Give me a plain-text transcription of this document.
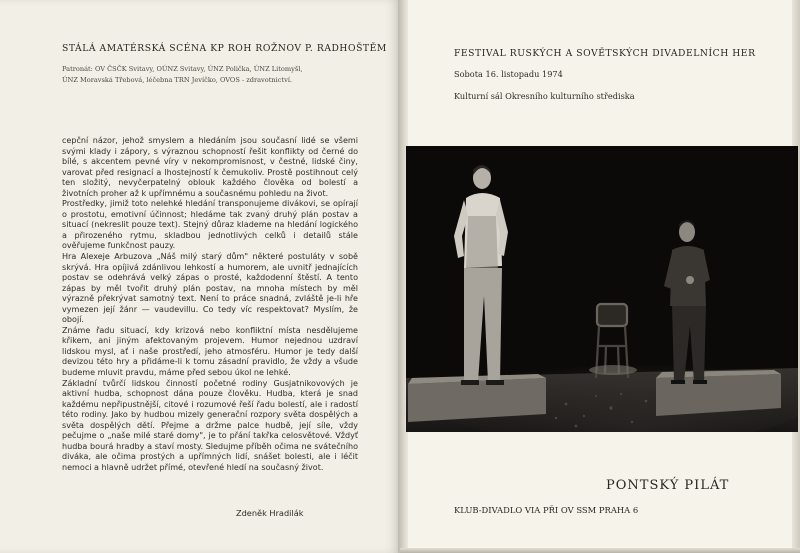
STÁLÁ AMATÉRSKÁ SCÉNA KP ROH ROŽNOV P. RADHOŠTĚM
Patronát: OV ČSČK Svitavy, OÚNZ Svitavy, ÚNZ Polička, ÚNZ Litomyšl,
ÚNZ Moravská Třebová, léčebna TRN Jevíčko, OVOS - zdravotnictví.

cepční názor, jehož smyslem a hledáním jsou současní lidé se všemi svými klady i zápory, s výraznou schopností řešit konflikty od černé do bílé, s akcentem pevné víry v nekompromisnost, v čestné, lidské činy, varovat před resignací a lhostejností k čemukoliv. Prostě postihnout celý ten složitý, nevyčerpatelný oblouk každého člověka od bolestí a životních proher až k upřímnému a současnému pohledu na život.

Prostředky, jimiž toto nelehké hledání transponujeme divákovi, se opírají o prostotu, emotivní účinnost; hledáme tak zvaný druhý plán postav a situací (nekreslit pouze text). Stejný důraz klademe na hledání logického a přirozeného rytmu, skladbou jednotlivých celků i detailů stále ověřujeme funkčnost pauzy.

Hra Alexeje Arbuzova „Náš milý starý dům" některé postuláty v sobě skrývá. Hra opíjivá zdánlivou lehkostí a humorem, ale uvnitř jednajících postav se odehrává velký zápas o prosté, každodenní štěstí. A tento zápas by měl tvořit druhý plán postav, na mnoha místech by měl výrazně překrývat samotný text. Není to práce snadná, zvláště je-li hře vymezen její žánr — vaudevillu. Co tedy víc respektovat? Myslím, že obojí.

Známe řadu situací, kdy krizová nebo konfliktní místa nesdělujeme křikem, ani jiným afektovaným projevem. Humor nejednou uzdraví lidskou mysl, ať i naše prostředí, jeho atmosféru. Humor je tedy další devizou této hry a přidáme-li k tomu zásadní pravidlo, že vždy a všude budeme mluvit pravdu, máme před sebou úkol ne lehké.

Základní tvůrčí lidskou činností početné rodiny Gusjatnikovových je aktivní hudba, schopnost dána pouze člověku. Hudba, která je snad každému nepřipustnější, citové i rozumové řeší řadu bolestí, ale i radostí této rodiny. Jako by hudbou mizely generační rozpory světa dospělých a světa dospělých dětí. Přejme a držme palce hudbě, její síle, vždy pečujme o „naše milé staré domy", je to přání takřka celosvětové. Vždyť hudba bourá hradby a staví mosty. Sledujme příběh očima ne svátečního diváka, ale očima prostých a upřímných lidí, snášet bolesti, ale i léčit nemoci a hlavně udržet přímé, otevřené hledí na současný život.

Zdeněk Hradilák
FESTIVAL RUSKÝCH A SOVĚTSKÝCH DIVADELNÍCH HER
Sobota 16. listopadu 1974
Kulturní sál Okresního kulturního střediska
PONTSKÝ PILÁT
KLUB-DIVADLO VIA PŘI OV SSM PRAHA 6
